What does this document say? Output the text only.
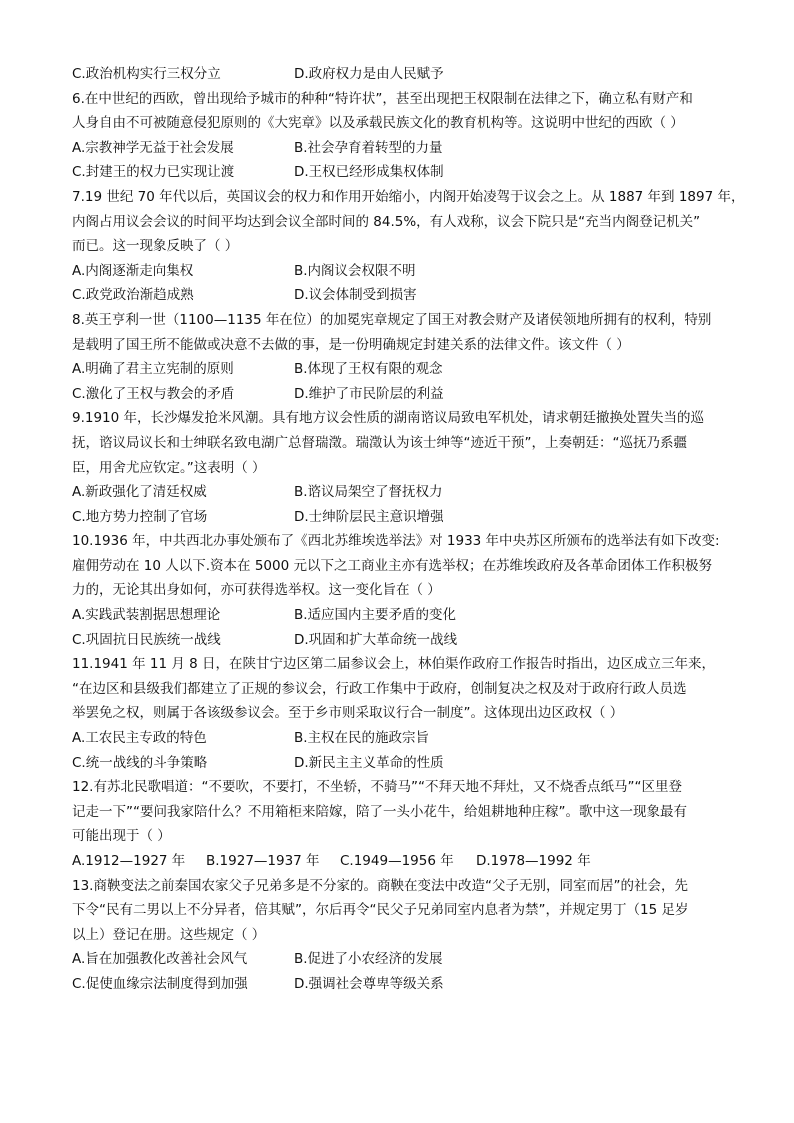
C.政治机构实行三权分立	D.政府权力是由人民赋予
6.在中世纪的西欧，曾出现给予城市的种种“特许状”，甚至出现把王权限制在法律之下，确立私有财产和
人身自由不可被随意侵犯原则的《大宪章》以及承载民族文化的教育机构等。这说明中世纪的西欧（ ）
A.宗教神学无益于社会发展	B.社会孕育着转型的力量
C.封建王的权力已实现让渡	D.王权已经形成集权体制
7.19 世纪 70 年代以后，英国议会的权力和作用开始缩小，内阁开始凌驾于议会之上。从 1887 年到 1897 年，
内阁占用议会会议的时间平均达到会议全部时间的 84.5%，有人戏称，议会下院只是“充当内阁登记机关”
而已。这一现象反映了（ ）
A.内阁逐渐走向集权	B.内阁议会权限不明
C.政党政治渐趋成熟	D.议会体制受到损害
8.英王亨利一世（1100—1135 年在位）的加冕宪章规定了国王对教会财产及诸侯领地所拥有的权利，特别
是载明了国王所不能做或决意不去做的事，是一份明确规定封建关系的法律文件。该文件（ ）
A.明确了君主立宪制的原则	B.体现了王权有限的观念
C.激化了王权与教会的矛盾	D.维护了市民阶层的利益
9.1910 年，长沙爆发抢米风潮。具有地方议会性质的湖南谘议局致电军机处，请求朝廷撤换处置失当的巡
抚，谘议局议长和士绅联名致电湖广总督瑞澂。瑞澂认为该士绅等“迹近干预”，上奏朝廷：“巡抚乃系疆
臣，用舍尤应钦定。”这表明（ ）
A.新政强化了清廷权威	B.谘议局架空了督抚权力
C.地方势力控制了官场	D.士绅阶层民主意识增强
10.1936 年，中共西北办事处颁布了《西北苏维埃选举法》对 1933 年中央苏区所颁布的选举法有如下改变:
雇佣劳动在 10 人以下.资本在 5000 元以下之工商业主亦有选举权；在苏维埃政府及各革命团体工作积极努
力的，无论其出身如何，亦可获得选举权。这一变化旨在（ ）
A.实践武装割据思想理论	B.适应国内主要矛盾的变化
C.巩固抗日民族统一战线	D.巩固和扩大革命统一战线
11.1941 年 11 月 8 日，在陕甘宁边区第二届参议会上，林伯渠作政府工作报告时指出，边区成立三年来，
“在边区和县级我们都建立了正规的参议会，行政工作集中于政府，创制复决之权及对于政府行政人员选
举罢免之权，则属于各该级参议会。至于乡市则采取议行合一制度”。这体现出边区政权（ ）
A.工农民主专政的特色	B.主权在民的施政宗旨
C.统一战线的斗争策略	D.新民主主义革命的性质
12.有苏北民歌唱道：“不要吹，不要打，不坐轿，不骑马”“不拜天地不拜灶，又不烧香点纸马”“区里登
记走一下”“要问我家陪什么？不用箱柜来陪嫁，陪了一头小花牛，给姐耕地种庄稼”。歌中这一现象最有
可能出现于（ ）
A.1912—1927 年	B.1927—1937 年	C.1949—1956 年	D.1978—1992 年
13.商鞅变法之前秦国农家父子兄弟多是不分家的。商鞅在变法中改造“父子无别，同室而居”的社会，先
下令“民有二男以上不分异者，倍其赋”，尔后再令“民父子兄弟同室内息者为禁”，并规定男丁（15 足岁
以上）登记在册。这些规定（ ）
A.旨在加强教化改善社会风气	B.促进了小农经济的发展
C.促使血缘宗法制度得到加强	D.强调社会尊卑等级关系
